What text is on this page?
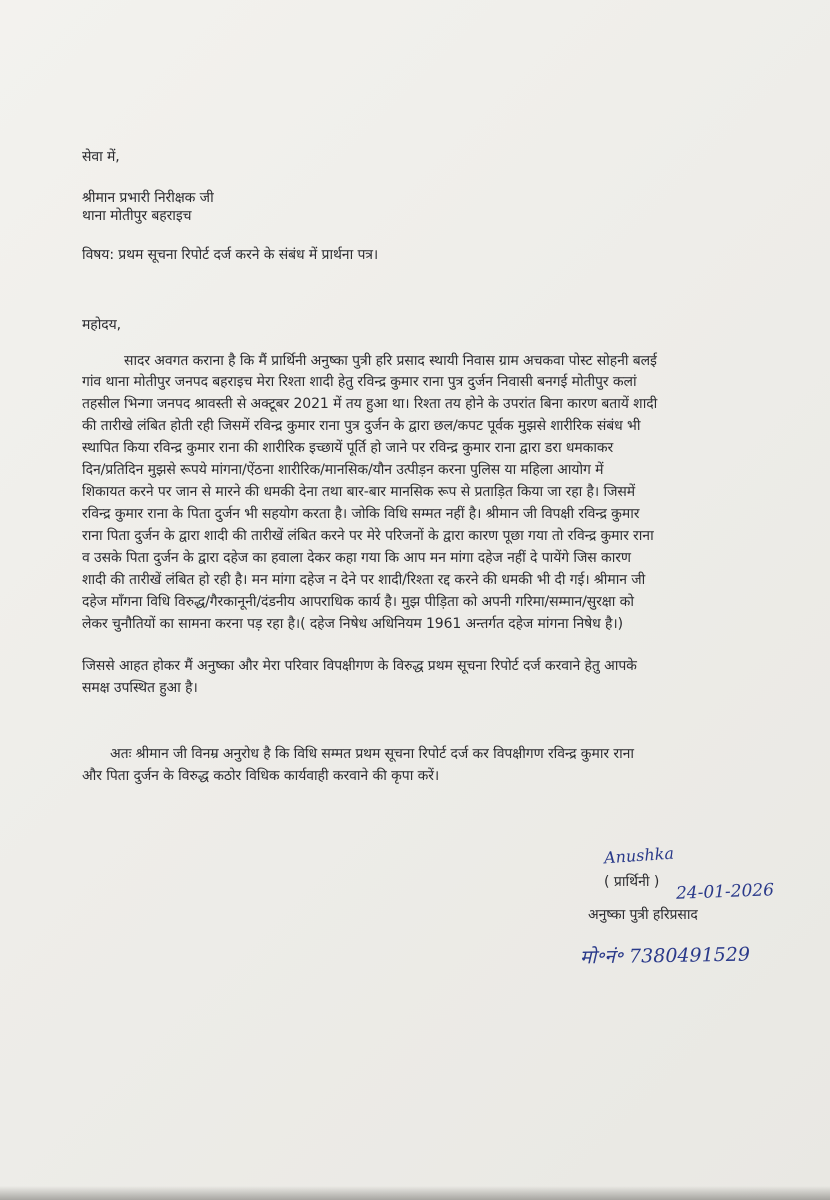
सेवा में,
श्रीमान प्रभारी निरीक्षक जी
थाना मोतीपुर बहराइच
विषय: प्रथम सूचना रिपोर्ट दर्ज करने के संबंध में प्रार्थना पत्र।
महोदय,
सादर अवगत कराना है कि मैं प्रार्थिनी अनुष्का पुत्री हरि प्रसाद स्थायी निवास ग्राम अचकवा पोस्ट सोहनी बलई
गांव थाना मोतीपुर जनपद बहराइच मेरा रिश्ता शादी हेतु रविन्द्र कुमार राना पुत्र दुर्जन निवासी बनगई मोतीपुर कलां
तहसील भिन्गा जनपद श्रावस्ती से अक्टूबर 2021 में तय हुआ था। रिश्ता तय होने के उपरांत बिना कारण बतायें शादी
की तारीखे लंबित होती रही जिसमें रविन्द्र कुमार राना पुत्र दुर्जन के द्वारा छल/कपट पूर्वक मुझसे शारीरिक संबंध भी
स्थापित किया रविन्द्र कुमार राना की शारीरिक इच्छायें पूर्ति हो जाने पर रविन्द्र कुमार राना द्वारा डरा धमकाकर
दिन/प्रतिदिन मुझसे रूपये मांगना/ऐंठना शारीरिक/मानसिक/यौन उत्पीड़न करना पुलिस या महिला आयोग में
शिकायत करने पर जान से मारने की धमकी देना तथा बार-बार मानसिक रूप से प्रताड़ित किया जा रहा है। जिसमें
रविन्द्र कुमार राना के पिता दुर्जन भी सहयोग करता है। जोकि विधि सम्मत नहीं है। श्रीमान जी विपक्षी रविन्द्र कुमार
राना पिता दुर्जन के द्वारा शादी की तारीखें लंबित करने पर मेरे परिजनों के द्वारा कारण पूछा गया तो रविन्द्र कुमार राना
व उसके पिता दुर्जन के द्वारा दहेज का हवाला देकर कहा गया कि आप मन मांगा दहेज नहीं दे पायेंगे जिस कारण
शादी की तारीखें लंबित हो रही है। मन मांगा दहेज न देने पर शादी/रिश्ता रद्द करने की धमकी भी दी गई। श्रीमान जी
दहेज माँगना विधि विरुद्ध/गैरकानूनी/दंडनीय आपराधिक कार्य है। मुझ पीड़िता को अपनी गरिमा/सम्मान/सुरक्षा को
लेकर चुनौतियों का सामना करना पड़ रहा है।( दहेज निषेध अधिनियम 1961 अन्तर्गत दहेज मांगना निषेध है।)
जिससे आहत होकर मैं अनुष्का और मेरा परिवार विपक्षीगण के विरुद्ध प्रथम सूचना रिपोर्ट दर्ज करवाने हेतु आपके
समक्ष उपस्थित हुआ है।
अतः श्रीमान जी विनम्र अनुरोध है कि विधि सम्मत प्रथम सूचना रिपोर्ट दर्ज कर विपक्षीगण रविन्द्र कुमार राना
और पिता दुर्जन के विरुद्ध कठोर विधिक कार्यवाही करवाने की कृपा करें।
Anushka
( प्रार्थिनी ) 24-01-2026
अनुष्का पुत्री हरिप्रसाद
मो॰नं॰ 7380491529
